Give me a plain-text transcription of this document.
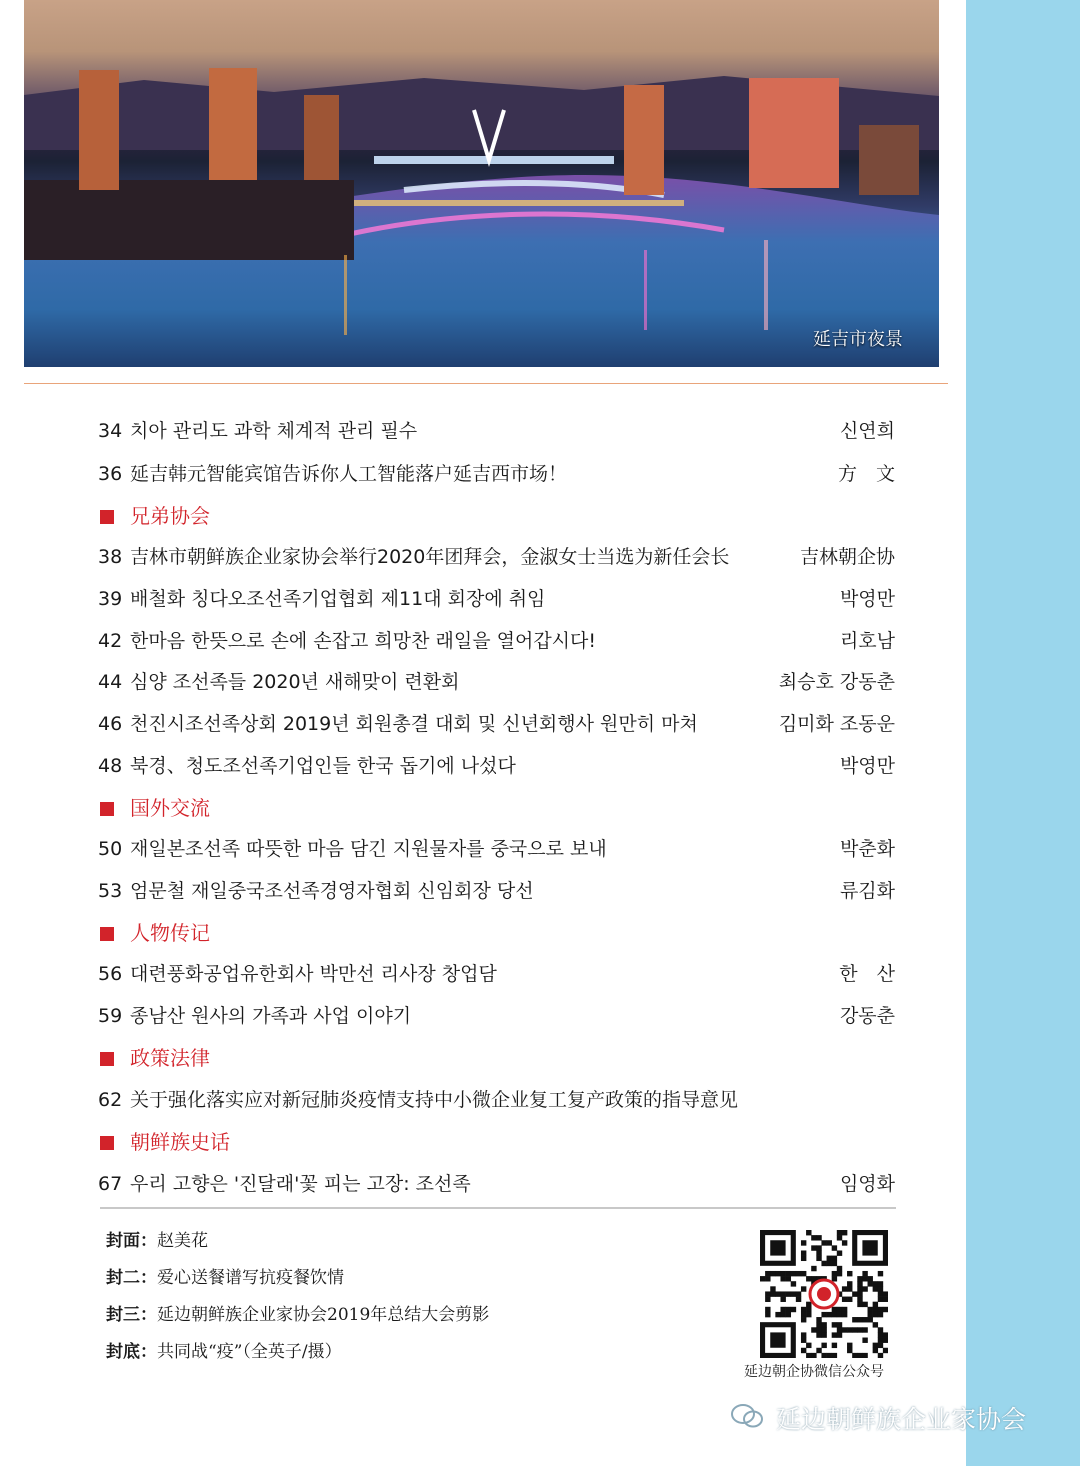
延吉市夜景
34 치아 관리도 과학 체계적 관리 필수	신연희
36 延吉韩元智能宾馆告诉你人工智能落户延吉西市场！	方　文
兄弟协会
38 吉林市朝鲜族企业家协会举行2020年团拜会，金淑女士当选为新任会长	吉林朝企协
39 배철화 칭다오조선족기업협회 제11대 회장에 취임	박영만
42 한마음 한뜻으로 손에 손잡고 희망찬 래일을 열어갑시다!	리호남
44 심양 조선족들 2020년 새해맞이 련환회	최승호 강동춘
46 천진시조선족상회 2019년 회원총결 대회 및 신년회행사 원만히 마쳐	김미화 조동운
48 북경、청도조선족기업인들 한국 돕기에 나섰다	박영만
国外交流
50 재일본조선족 따뜻한 마음 담긴 지원물자를 중국으로 보내	박춘화
53 엄문철 재일중국조선족경영자협회 신임회장 당선	류김화
人物传记
56 대련풍화공업유한회사 박만선 리사장 창업담	한　산
59 종남산 원사의 가족과 사업 이야기	강동춘
政策法律
62 关于强化落实应对新冠肺炎疫情支持中小微企业复工复产政策的指导意见
朝鲜族史话
67 우리 고향은 '진달래'꽃 피는 고장: 조선족	임영화
封面：赵美花
封二：爱心送餐谱写抗疫餐饮情
封三：延边朝鲜族企业家协会2019年总结大会剪影
封底：共同战“疫”（全英子/摄）
延边朝企协微信公众号
延边朝鲜族企业家协会
